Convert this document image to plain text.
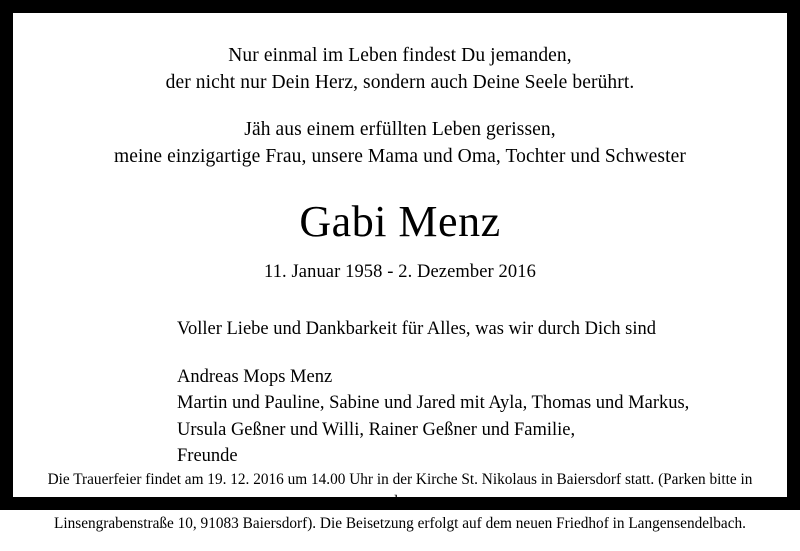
Nur einmal im Leben findest Du jemanden,
der nicht nur Dein Herz, sondern auch Deine Seele berührt.
Jäh aus einem erfüllten Leben gerissen,
meine einzigartige Frau, unsere Mama und Oma, Tochter und Schwester
Gabi Menz
11. Januar 1958 - 2. Dezember 2016
Voller Liebe und Dankbarkeit für Alles, was wir durch Dich sind
Andreas Mops Menz
Martin und Pauline, Sabine und Jared mit Ayla, Thomas und Markus,
Ursula Geßner und Willi, Rainer Geßner und Familie,
Freunde
Die Trauerfeier findet am 19. 12. 2016 um 14.00 Uhr in der Kirche St. Nikolaus in Baiersdorf statt. (Parken bitte in der
Linsengrabenstraße 10, 91083 Baiersdorf). Die Beisetzung erfolgt auf dem neuen Friedhof in Langensendelbach.
